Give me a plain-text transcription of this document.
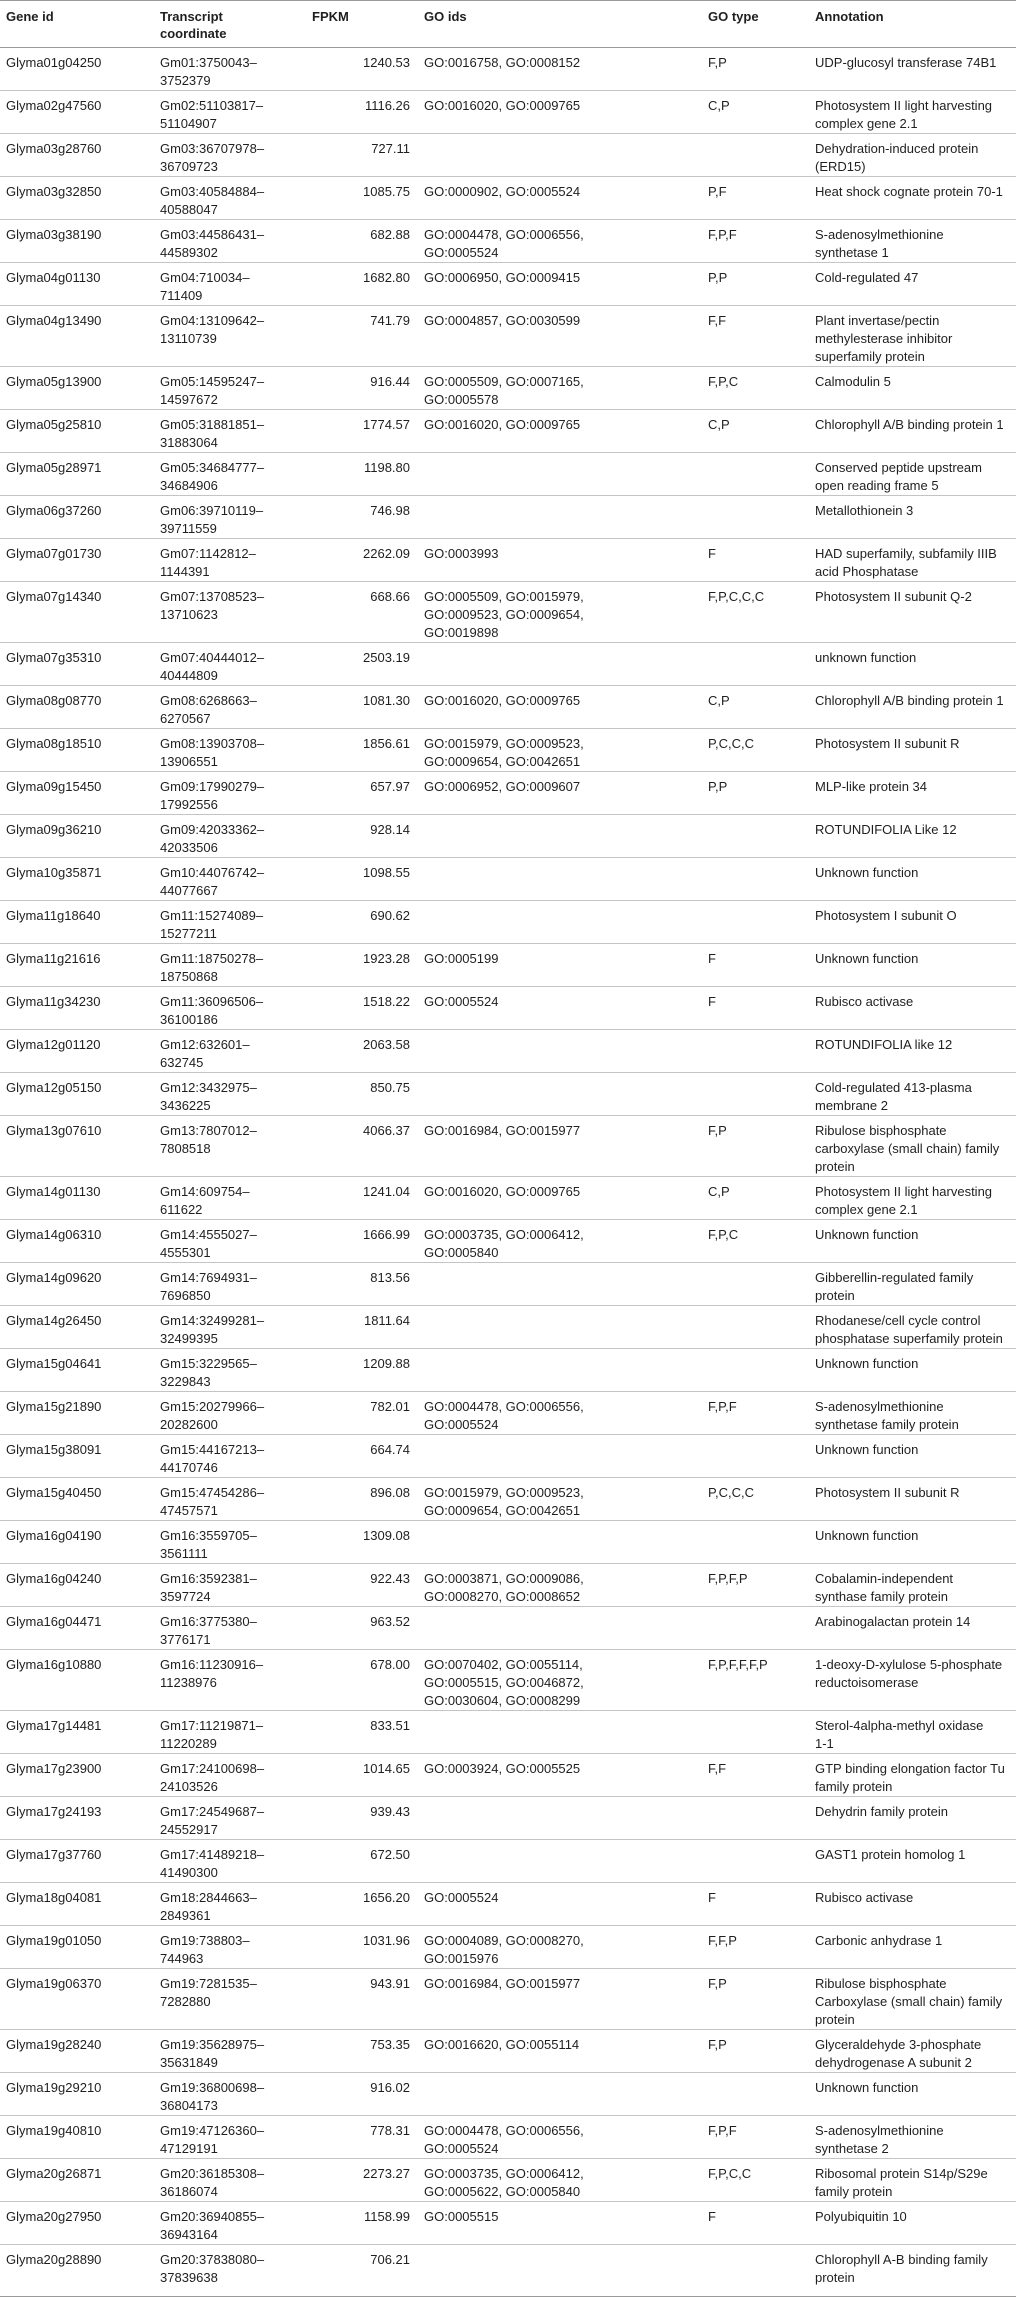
Gene id	Transcript
coordinate	FPKM	GO ids	GO type	Annotation
Glyma01g04250	Gm01:3750043–
3752379	1240.53	GO:0016758, GO:0008152	F,P	UDP-glucosyl transferase 74B1
Glyma02g47560	Gm02:51103817–
51104907	1116.26	GO:0016020, GO:0009765	C,P	Photosystem II light harvesting
complex gene 2.1
Glyma03g28760	Gm03:36707978–
36709723	727.11			Dehydration-induced protein
(ERD15)
Glyma03g32850	Gm03:40584884–
40588047	1085.75	GO:0000902, GO:0005524	P,F	Heat shock cognate protein 70-1
Glyma03g38190	Gm03:44586431–
44589302	682.88	GO:0004478, GO:0006556,
GO:0005524	F,P,F	S-adenosylmethionine
synthetase 1
Glyma04g01130	Gm04:710034–
711409	1682.80	GO:0006950, GO:0009415	P,P	Cold-regulated 47
Glyma04g13490	Gm04:13109642–
13110739	741.79	GO:0004857, GO:0030599	F,F	Plant invertase/pectin
methylesterase inhibitor
superfamily protein
Glyma05g13900	Gm05:14595247–
14597672	916.44	GO:0005509, GO:0007165,
GO:0005578	F,P,C	Calmodulin 5
Glyma05g25810	Gm05:31881851–
31883064	1774.57	GO:0016020, GO:0009765	C,P	Chlorophyll A/B binding protein 1
Glyma05g28971	Gm05:34684777–
34684906	1198.80			Conserved peptide upstream
open reading frame 5
Glyma06g37260	Gm06:39710119–
39711559	746.98			Metallothionein 3
Glyma07g01730	Gm07:1142812–
1144391	2262.09	GO:0003993	F	HAD superfamily, subfamily IIIB
acid Phosphatase
Glyma07g14340	Gm07:13708523–
13710623	668.66	GO:0005509, GO:0015979,
GO:0009523, GO:0009654,
GO:0019898	F,P,C,C,C	Photosystem II subunit Q-2
Glyma07g35310	Gm07:40444012–
40444809	2503.19			unknown function
Glyma08g08770	Gm08:6268663–
6270567	1081.30	GO:0016020, GO:0009765	C,P	Chlorophyll A/B binding protein 1
Glyma08g18510	Gm08:13903708–
13906551	1856.61	GO:0015979, GO:0009523,
GO:0009654, GO:0042651	P,C,C,C	Photosystem II subunit R
Glyma09g15450	Gm09:17990279–
17992556	657.97	GO:0006952, GO:0009607	P,P	MLP-like protein 34
Glyma09g36210	Gm09:42033362–
42033506	928.14			ROTUNDIFOLIA Like 12
Glyma10g35871	Gm10:44076742–
44077667	1098.55			Unknown function
Glyma11g18640	Gm11:15274089–
15277211	690.62			Photosystem I subunit O
Glyma11g21616	Gm11:18750278–
18750868	1923.28	GO:0005199	F	Unknown function
Glyma11g34230	Gm11:36096506–
36100186	1518.22	GO:0005524	F	Rubisco activase
Glyma12g01120	Gm12:632601–
632745	2063.58			ROTUNDIFOLIA like 12
Glyma12g05150	Gm12:3432975–
3436225	850.75			Cold-regulated 413-plasma
membrane 2
Glyma13g07610	Gm13:7807012–
7808518	4066.37	GO:0016984, GO:0015977	F,P	Ribulose bisphosphate
carboxylase (small chain) family
protein
Glyma14g01130	Gm14:609754–
611622	1241.04	GO:0016020, GO:0009765	C,P	Photosystem II light harvesting
complex gene 2.1
Glyma14g06310	Gm14:4555027–
4555301	1666.99	GO:0003735, GO:0006412,
GO:0005840	F,P,C	Unknown function
Glyma14g09620	Gm14:7694931–
7696850	813.56			Gibberellin-regulated family
protein
Glyma14g26450	Gm14:32499281–
32499395	1811.64			Rhodanese/cell cycle control
phosphatase superfamily protein
Glyma15g04641	Gm15:3229565–
3229843	1209.88			Unknown function
Glyma15g21890	Gm15:20279966–
20282600	782.01	GO:0004478, GO:0006556,
GO:0005524	F,P,F	S-adenosylmethionine
synthetase family protein
Glyma15g38091	Gm15:44167213–
44170746	664.74			Unknown function
Glyma15g40450	Gm15:47454286–
47457571	896.08	GO:0015979, GO:0009523,
GO:0009654, GO:0042651	P,C,C,C	Photosystem II subunit R
Glyma16g04190	Gm16:3559705–
3561111	1309.08			Unknown function
Glyma16g04240	Gm16:3592381–
3597724	922.43	GO:0003871, GO:0009086,
GO:0008270, GO:0008652	F,P,F,P	Cobalamin-independent
synthase family protein
Glyma16g04471	Gm16:3775380–
3776171	963.52			Arabinogalactan protein 14
Glyma16g10880	Gm16:11230916–
11238976	678.00	GO:0070402, GO:0055114,
GO:0005515, GO:0046872,
GO:0030604, GO:0008299	F,P,F,F,F,P	1-deoxy-D-xylulose 5-phosphate
reductoisomerase
Glyma17g14481	Gm17:11219871–
11220289	833.51			Sterol-4alpha-methyl oxidase
1-1
Glyma17g23900	Gm17:24100698–
24103526	1014.65	GO:0003924, GO:0005525	F,F	GTP binding elongation factor Tu
family protein
Glyma17g24193	Gm17:24549687–
24552917	939.43			Dehydrin family protein
Glyma17g37760	Gm17:41489218–
41490300	672.50			GAST1 protein homolog 1
Glyma18g04081	Gm18:2844663–
2849361	1656.20	GO:0005524	F	Rubisco activase
Glyma19g01050	Gm19:738803–
744963	1031.96	GO:0004089, GO:0008270,
GO:0015976	F,F,P	Carbonic anhydrase 1
Glyma19g06370	Gm19:7281535–
7282880	943.91	GO:0016984, GO:0015977	F,P	Ribulose bisphosphate
Carboxylase (small chain) family
protein
Glyma19g28240	Gm19:35628975–
35631849	753.35	GO:0016620, GO:0055114	F,P	Glyceraldehyde 3-phosphate
dehydrogenase A subunit 2
Glyma19g29210	Gm19:36800698–
36804173	916.02			Unknown function
Glyma19g40810	Gm19:47126360–
47129191	778.31	GO:0004478, GO:0006556,
GO:0005524	F,P,F	S-adenosylmethionine
synthetase 2
Glyma20g26871	Gm20:36185308–
36186074	2273.27	GO:0003735, GO:0006412,
GO:0005622, GO:0005840	F,P,C,C	Ribosomal protein S14p/S29e
family protein
Glyma20g27950	Gm20:36940855–
36943164	1158.99	GO:0005515	F	Polyubiquitin 10
Glyma20g28890	Gm20:37838080–
37839638	706.21			Chlorophyll A-B binding family
protein
